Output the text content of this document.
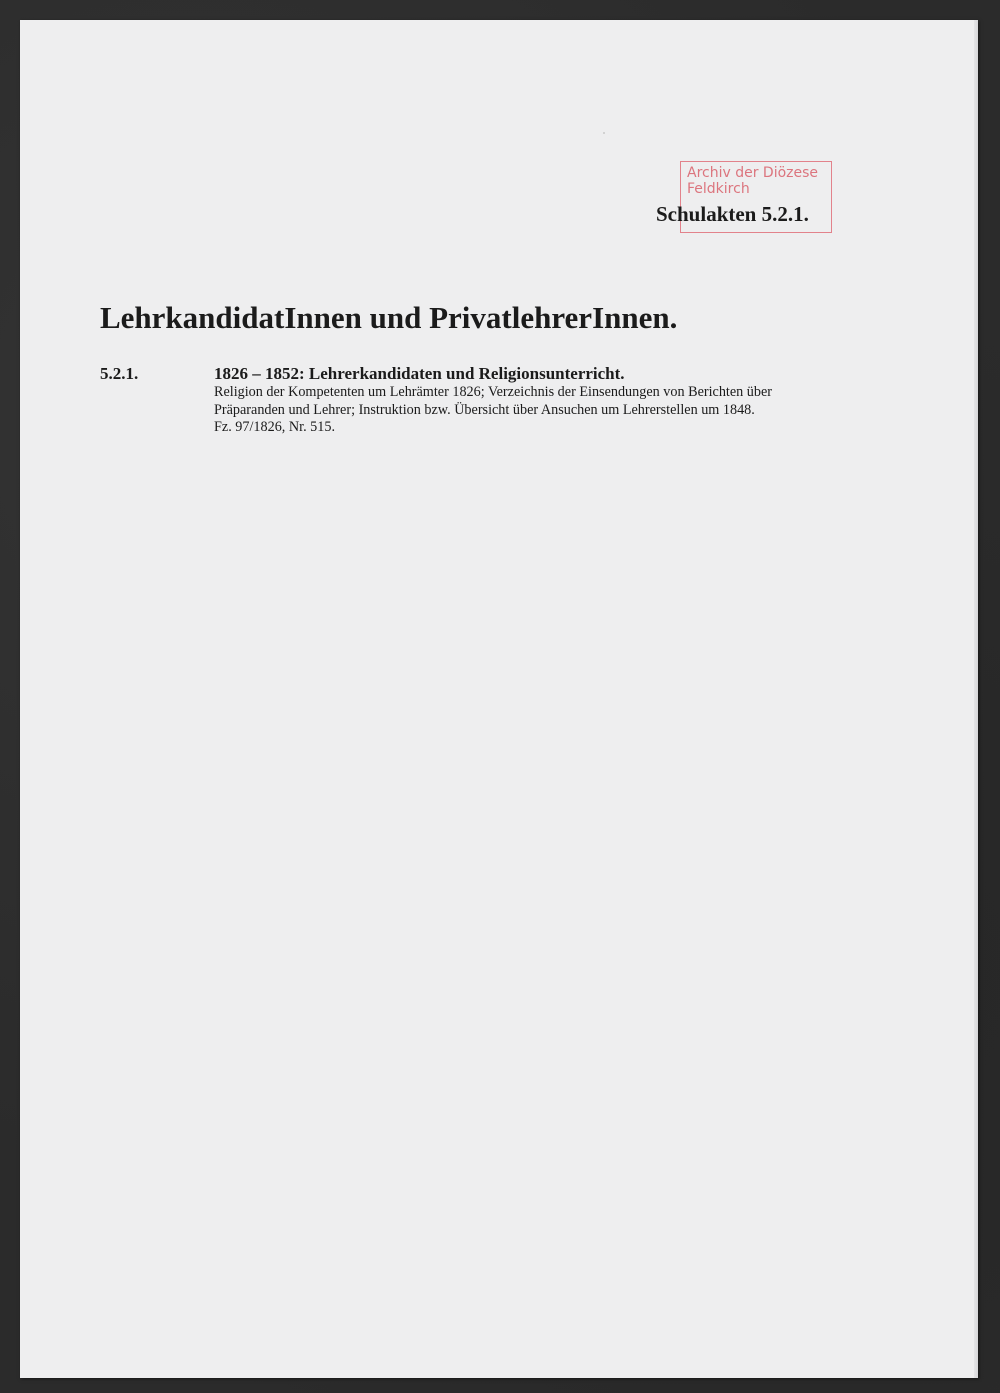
Archiv der Diözese
Feldkirch
Schulakten 5.2.1.
LehrkandidatInnen und PrivatlehrerInnen.
5.2.1.	1826 – 1852: Lehrerkandidaten und Religionsunterricht.
Religion der Kompetenten um Lehrämter 1826; Verzeichnis der Einsendungen von Berichten über
Präparanden und Lehrer; Instruktion bzw. Übersicht über Ansuchen um Lehrerstellen um 1848.
Fz. 97/1826, Nr. 515.
